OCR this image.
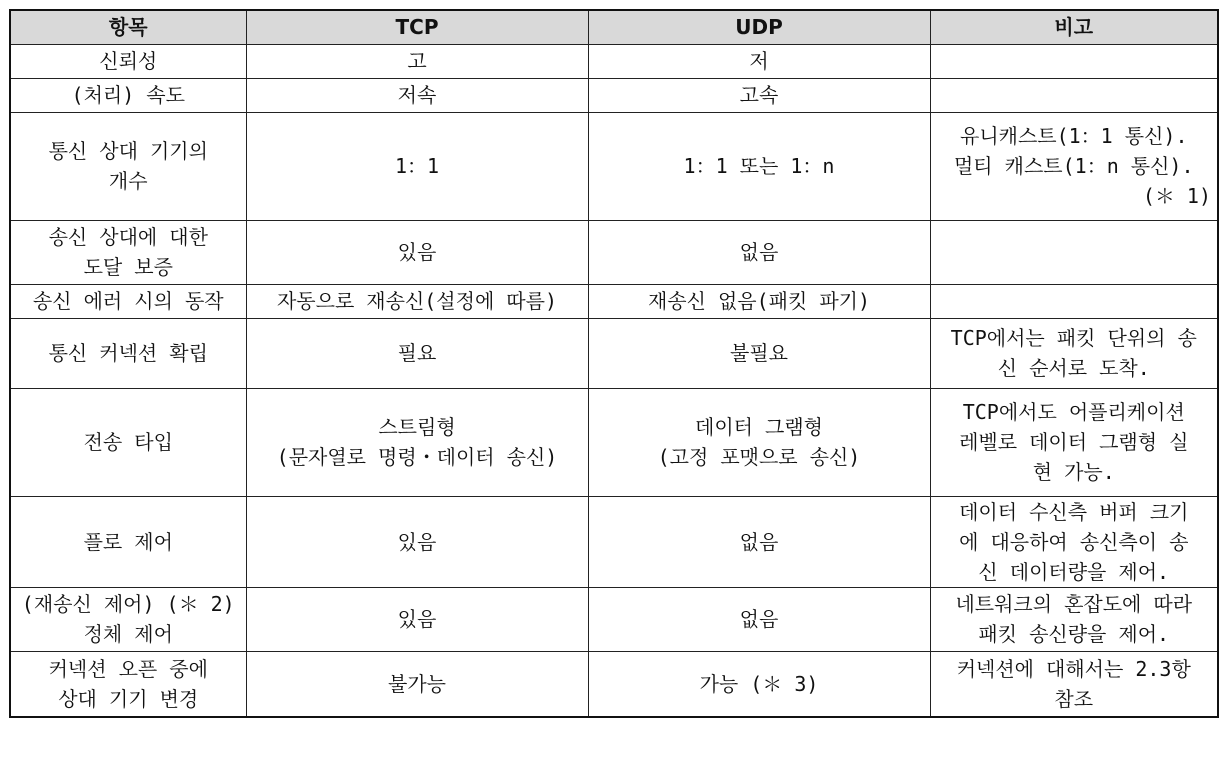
항목	TCP	UDP	비고

신뢰성	고	저	

(처리) 속도	저속	고속	

통신 상대 기기의
개수	1：1	1：1 또는 1：n	유니캐스트(1：1 통신).
멀티 캐스트(1：n 통신).
(＊ 1)

송신 상대에 대한
도달 보증	있음	없음	

송신 에러 시의 동작	자동으로 재송신(설정에 따름)	재송신 없음(패킷 파기)	

통신 커넥션 확립	필요	불필요	TCP에서는 패킷 단위의 송
신 순서로 도착.

전송 타입	스트림형
(문자열로 명령・데이터 송신)	데이터 그램형
(고정 포맷으로 송신)	TCP에서도 어플리케이션
레벨로 데이터 그램형 실
현 가능.

플로 제어	있음	없음	데이터 수신측 버퍼 크기
에 대응하여 송신측이 송
신 데이터량을 제어.

(재송신 제어) (＊ 2)
정체 제어	있음	없음	네트워크의 혼잡도에 따라
패킷 송신량을 제어.

커넥션 오픈 중에
상대 기기 변경	불가능	가능 (＊ 3)	커넥션에 대해서는 2.3항
참조
